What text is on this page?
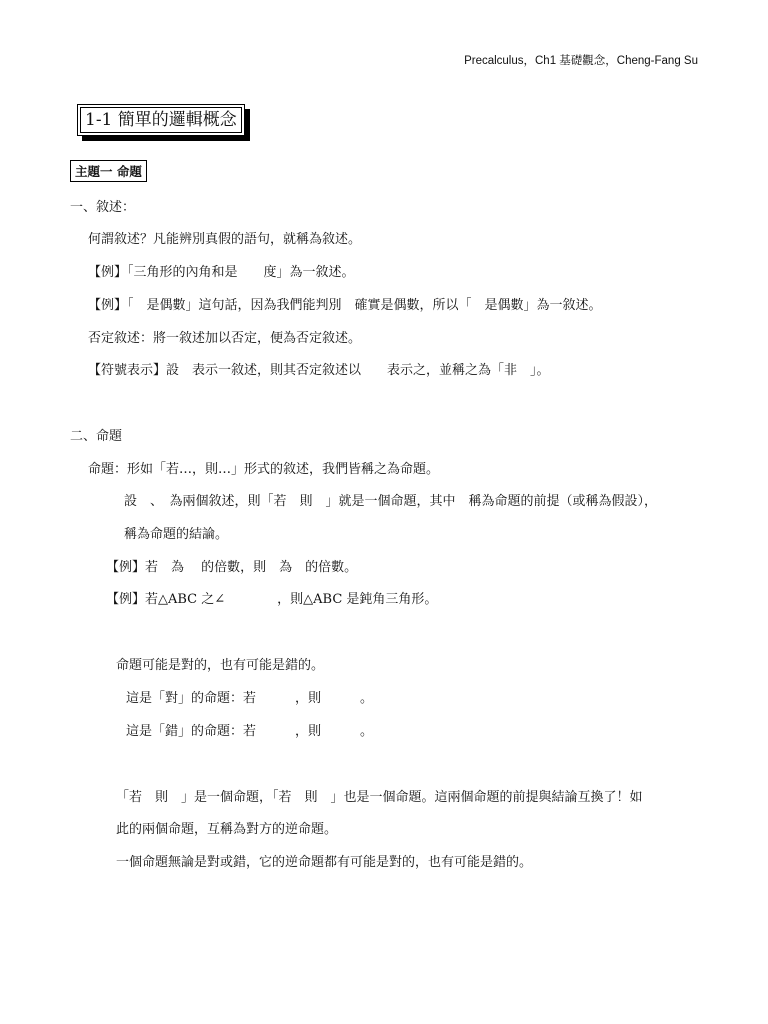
Precalculus，Ch1 基礎觀念，Cheng-Fang Su
1-1 簡單的邏輯概念
主題一 命題
一、敘述：
何謂敘述？凡能辨別真假的語句，就稱為敘述。
【例】「三角形的內角和是　　度」為一敘述。
【例】「　是偶數」這句話，因為我們能判別　確實是偶數，所以「　是偶數」為一敘述。
否定敘述：將一敘述加以否定，便為否定敘述。
【符號表示】設　表示一敘述，則其否定敘述以　　表示之，並稱之為「非　」。
二、命題
命題：形如「若…，則…」形式的敘述，我們皆稱之為命題。
設　、　為兩個敘述，則「若　則　」就是一個命題，其中　稱為命題的前提（或稱為假設），
稱為命題的結論。
【例】若　為　 的倍數，則　為　的倍數。
【例】若△ABC 之∠　　　　，則△ABC 是鈍角三角形。
命題可能是對的，也有可能是錯的。
這是「對」的命題：若　　　，則　　　。
這是「錯」的命題：若　　　，則　　　。
「若　則　」是一個命題，「若　則　」也是一個命題。這兩個命題的前提與結論互換了！如
此的兩個命題，互稱為對方的逆命題。
一個命題無論是對或錯，它的逆命題都有可能是對的，也有可能是錯的。
